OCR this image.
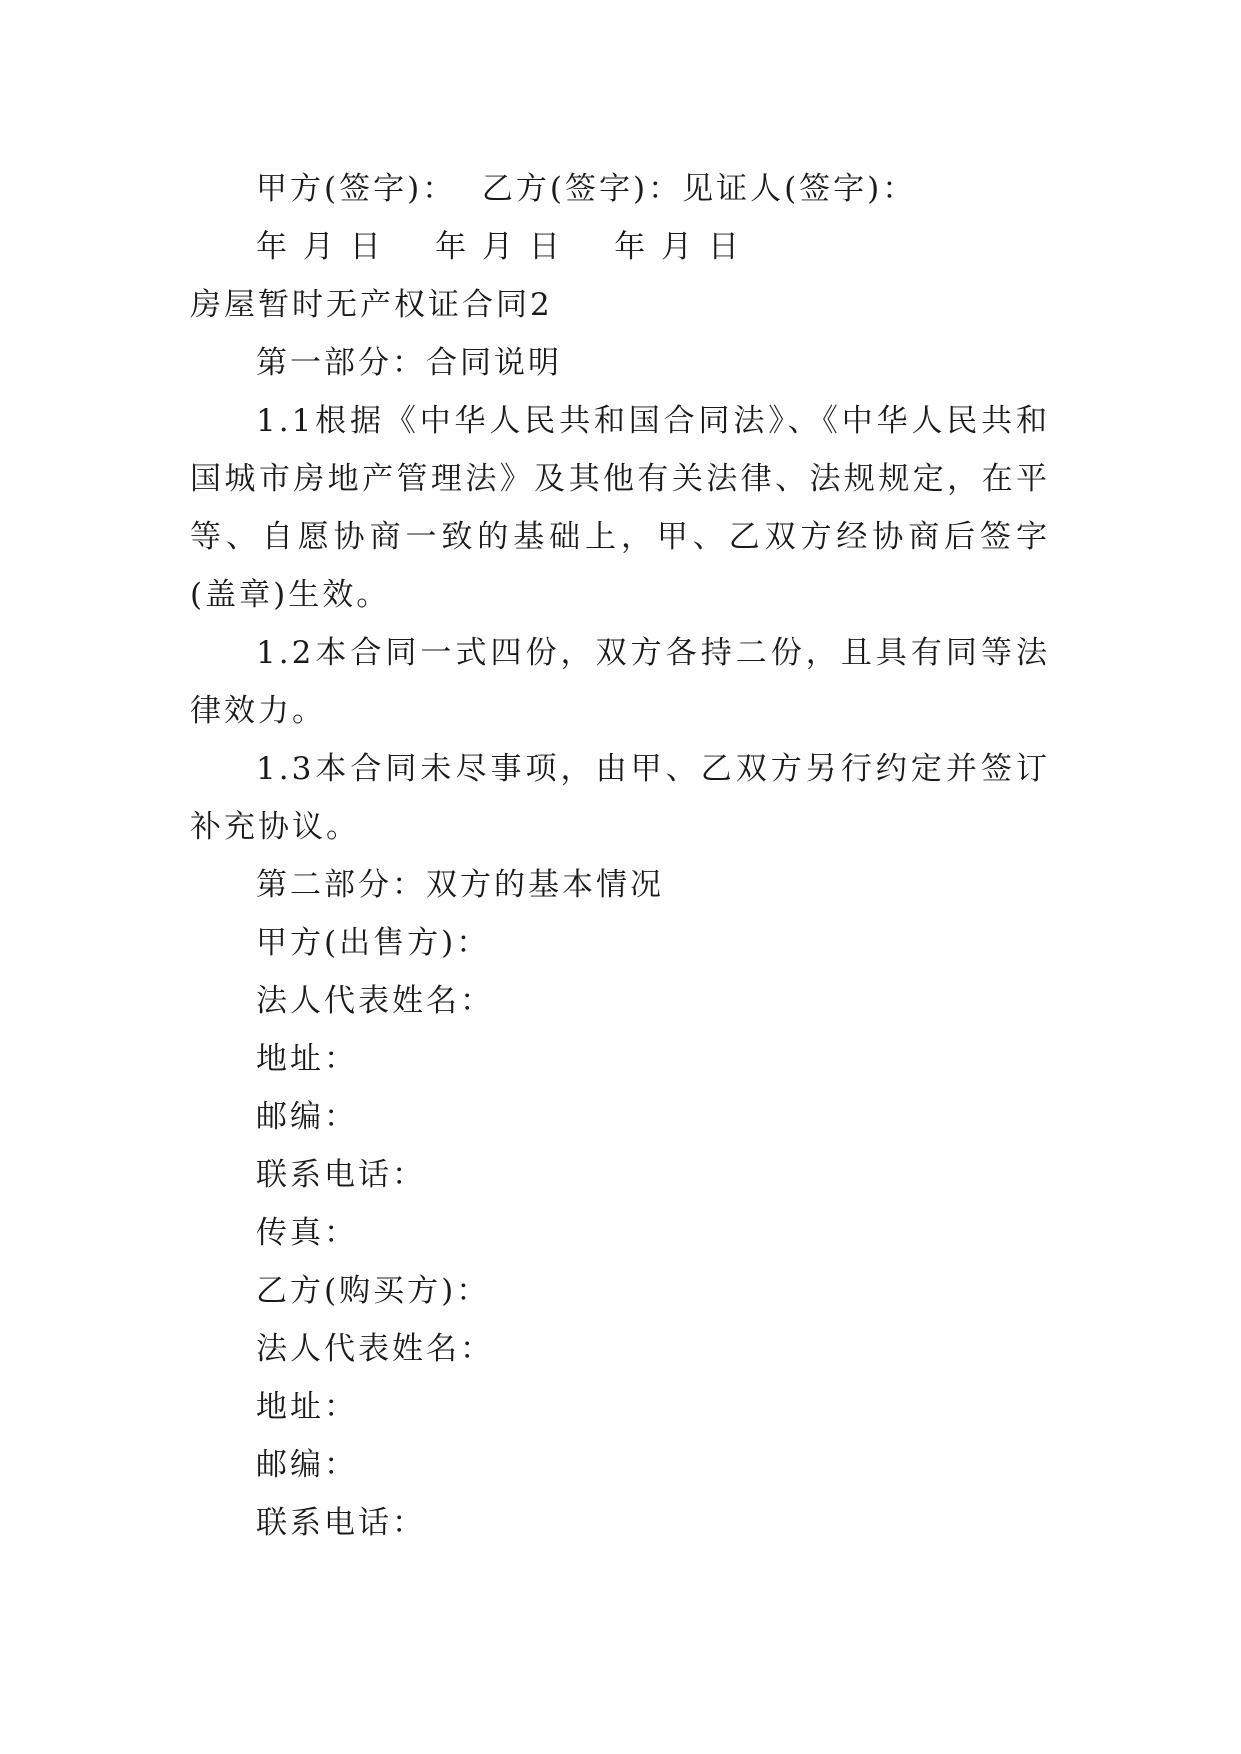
甲方(签字)：  乙方(签字)：见证人(签字)：
年 月 日    年 月 日    年 月 日
房屋暂时无产权证合同2
第一部分：合同说明

1.1根据《中华人民共和国合同法》、《中华人民共和国城市房地产管理法》及其他有关法律、法规规定，在平等、自愿协商一致的基础上，甲、乙双方经协商后签字(盖章)生效。

1.2本合同一式四份，双方各持二份，且具有同等法律效力。

1.3本合同未尽事项，由甲、乙双方另行约定并签订补充协议。

第二部分：双方的基本情况
甲方(出售方)：
法人代表姓名：
地址：
邮编：
联系电话：
传真：
乙方(购买方)：
法人代表姓名：
地址：
邮编：
联系电话：
